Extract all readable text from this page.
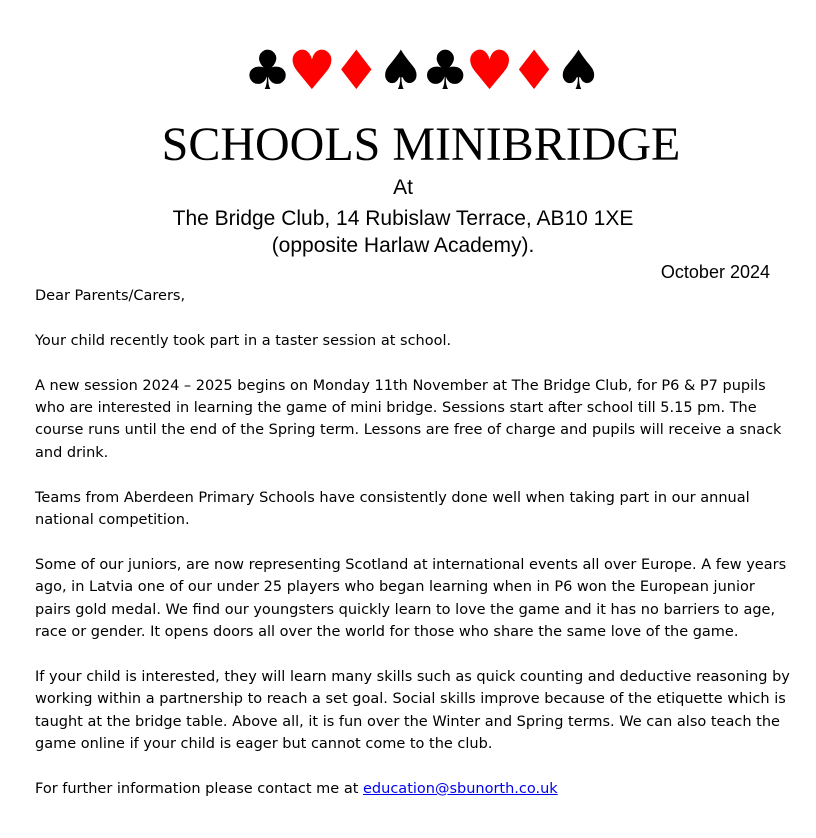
♣♥♦♠♣♥♦♠
SCHOOLS MINIBRIDGE
At
The Bridge Club, 14 Rubislaw Terrace, AB10 1XE
(opposite Harlaw Academy).
October 2024

Dear Parents/Carers,

Your child recently took part in a taster session at school.

A new session 2024 – 2025 begins on Monday 11th November at The Bridge Club, for P6 & P7 pupils who are interested in learning the game of mini bridge. Sessions start after school till 5.15 pm. The course runs until the end of the Spring term. Lessons are free of charge and pupils will receive a snack and drink.

Teams from Aberdeen Primary Schools have consistently done well when taking part in our annual national competition.

Some of our juniors, are now representing Scotland at international events all over Europe. A few years ago, in Latvia one of our under 25 players who began learning when in P6 won the European junior pairs gold medal. We find our youngsters quickly learn to love the game and it has no barriers to age, race or gender. It opens doors all over the world for those who share the same love of the game.

If your child is interested, they will learn many skills such as quick counting and deductive reasoning by working within a partnership to reach a set goal. Social skills improve because of the etiquette which is taught at the bridge table. Above all, it is fun over the Winter and Spring terms. We can also teach the game online if your child is eager but cannot come to the club.

For further information please contact me at education@sbunorth.co.uk
